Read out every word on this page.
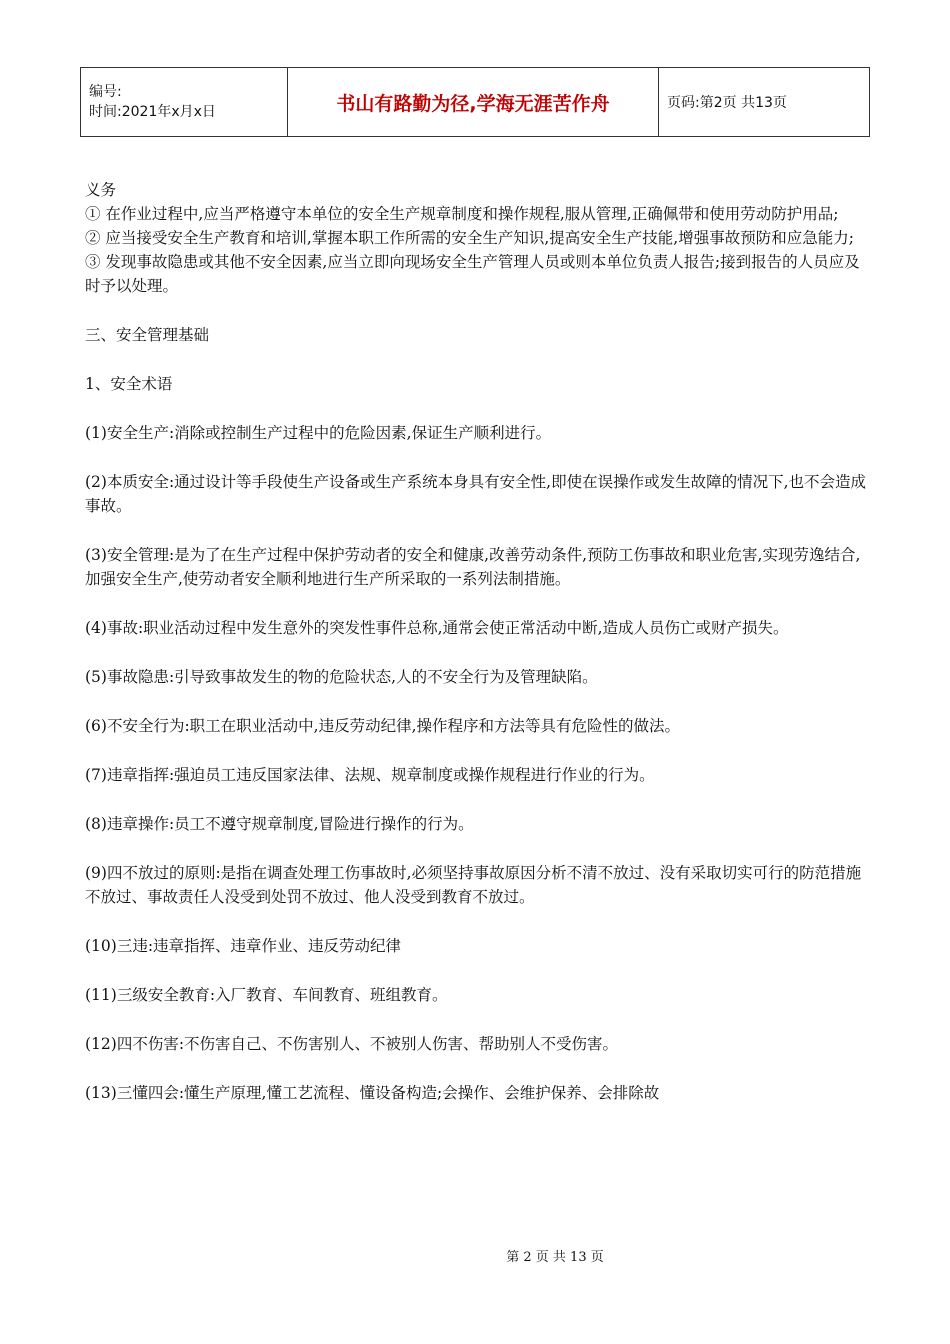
编号:
时间:2021年x月x日	书山有路勤为径,学海无涯苦作舟	页码:第2页 共13页

义务

① 在作业过程中,应当严格遵守本单位的安全生产规章制度和操作规程,服从管理,正确佩带和使用劳动防护用品;

② 应当接受安全生产教育和培训,掌握本职工作所需的安全生产知识,提高安全生产技能,增强事故预防和应急能力;

③ 发现事故隐患或其他不安全因素,应当立即向现场安全生产管理人员或则本单位负责人报告;接到报告的人员应及时予以处理。

三、安全管理基础

1、安全术语

(1)安全生产:消除或控制生产过程中的危险因素,保证生产顺利进行。

(2)本质安全:通过设计等手段使生产设备或生产系统本身具有安全性,即使在误操作或发生故障的情况下,也不会造成事故。

(3)安全管理:是为了在生产过程中保护劳动者的安全和健康,改善劳动条件,预防工伤事故和职业危害,实现劳逸结合,加强安全生产,使劳动者安全顺利地进行生产所采取的一系列法制措施。

(4)事故:职业活动过程中发生意外的突发性事件总称,通常会使正常活动中断,造成人员伤亡或财产损失。

(5)事故隐患:引导致事故发生的物的危险状态,人的不安全行为及管理缺陷。

(6)不安全行为:职工在职业活动中,违反劳动纪律,操作程序和方法等具有危险性的做法。

(7)违章指挥:强迫员工违反国家法律、法规、规章制度或操作规程进行作业的行为。

(8)违章操作:员工不遵守规章制度,冒险进行操作的行为。

(9)四不放过的原则:是指在调查处理工伤事故时,必须坚持事故原因分析不清不放过、没有采取切实可行的防范措施不放过、事故责任人没受到处罚不放过、他人没受到教育不放过。

(10)三违:违章指挥、违章作业、违反劳动纪律

(11)三级安全教育:入厂教育、车间教育、班组教育。

(12)四不伤害:不伤害自己、不伤害别人、不被别人伤害、帮助别人不受伤害。

(13)三懂四会:懂生产原理,懂工艺流程、懂设备构造;会操作、会维护保养、会排除故

第 2 页 共 13 页
